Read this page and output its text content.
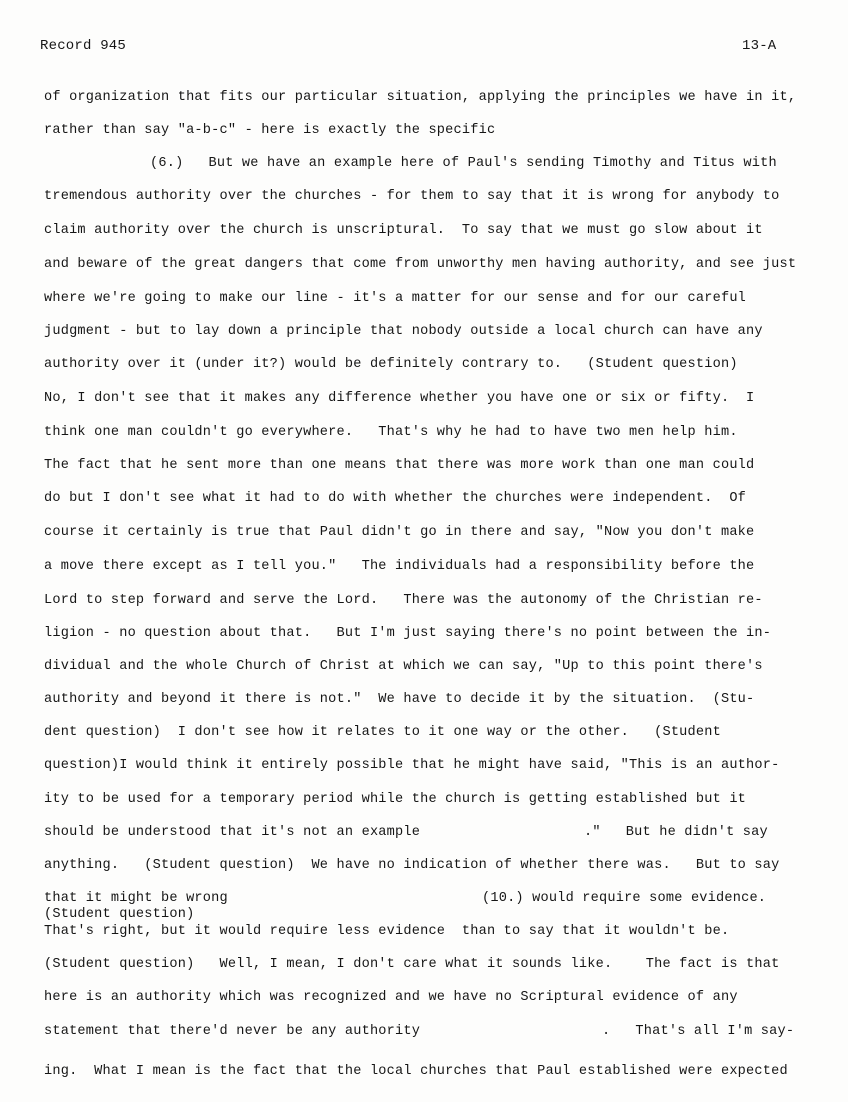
Record 945	13-A
of organization that fits our particular situation, applying the principles we have in it,
rather than say "a-b-c" - here is exactly the specific
(6.)   But we have an example here of Paul's sending Timothy and Titus with
tremendous authority over the churches - for them to say that it is wrong for anybody to
claim authority over the church is unscriptural.  To say that we must go slow about it
and beware of the great dangers that come from unworthy men having authority, and see just
where we're going to make our line - it's a matter for our sense and for our careful
judgment - but to lay down a principle that nobody outside a local church can have any
authority over it (under it?) would be definitely contrary to.   (Student question)
No, I don't see that it makes any difference whether you have one or six or fifty.  I
think one man couldn't go everywhere.   That's why he had to have two men help him.
The fact that he sent more than one means that there was more work than one man could
do but I don't see what it had to do with whether the churches were independent.  Of
course it certainly is true that Paul didn't go in there and say, "Now you don't make
a move there except as I tell you."   The individuals had a responsibility before the
Lord to step forward and serve the Lord.   There was the autonomy of the Christian re-
ligion - no question about that.   But I'm just saying there's no point between the in-
dividual and the whole Church of Christ at which we can say, "Up to this point there's
authority and beyond it there is not."  We have to decide it by the situation.  (Stu-
dent question)  I don't see how it relates to it one way or the other.   (Student
question)I would think it entirely possible that he might have said, "This is an author-
ity to be used for a temporary period while the church is getting established but it
should be understood that it's not an example	."   But he didn't say
anything.   (Student question)  We have no indication of whether there was.   But to say
that it might be wrong	(10.) would require some evidence.
(Student question)
That's right, but it would require less evidence  than to say that it wouldn't be.
(Student question)   Well, I mean, I don't care what it sounds like.    The fact is that
here is an authority which was recognized and we have no Scriptural evidence of any
statement that there'd never be any authority	.   That's all I'm say-
ing.  What I mean is the fact that the local churches that Paul established were expected
